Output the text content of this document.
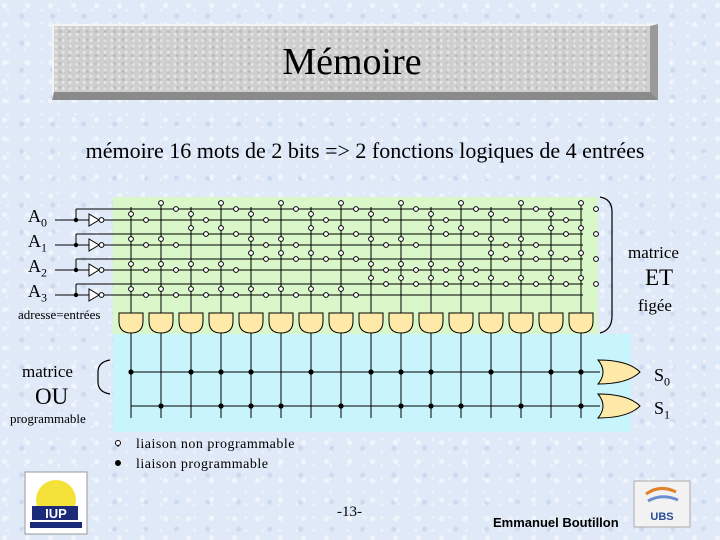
Mémoire
mémoire 16 mots de 2 bits => 2 fonctions logiques de 4 entrées
$A_0$
$A_1$
$A_2$
$A_3$
adresse=entrées
IUP	UBS
matrice
ET
figée
matrice
OU
programmable
$S_0$
$S_1$
liaison non programmable
liaison programmable
-13-
Emmanuel Boutillon
